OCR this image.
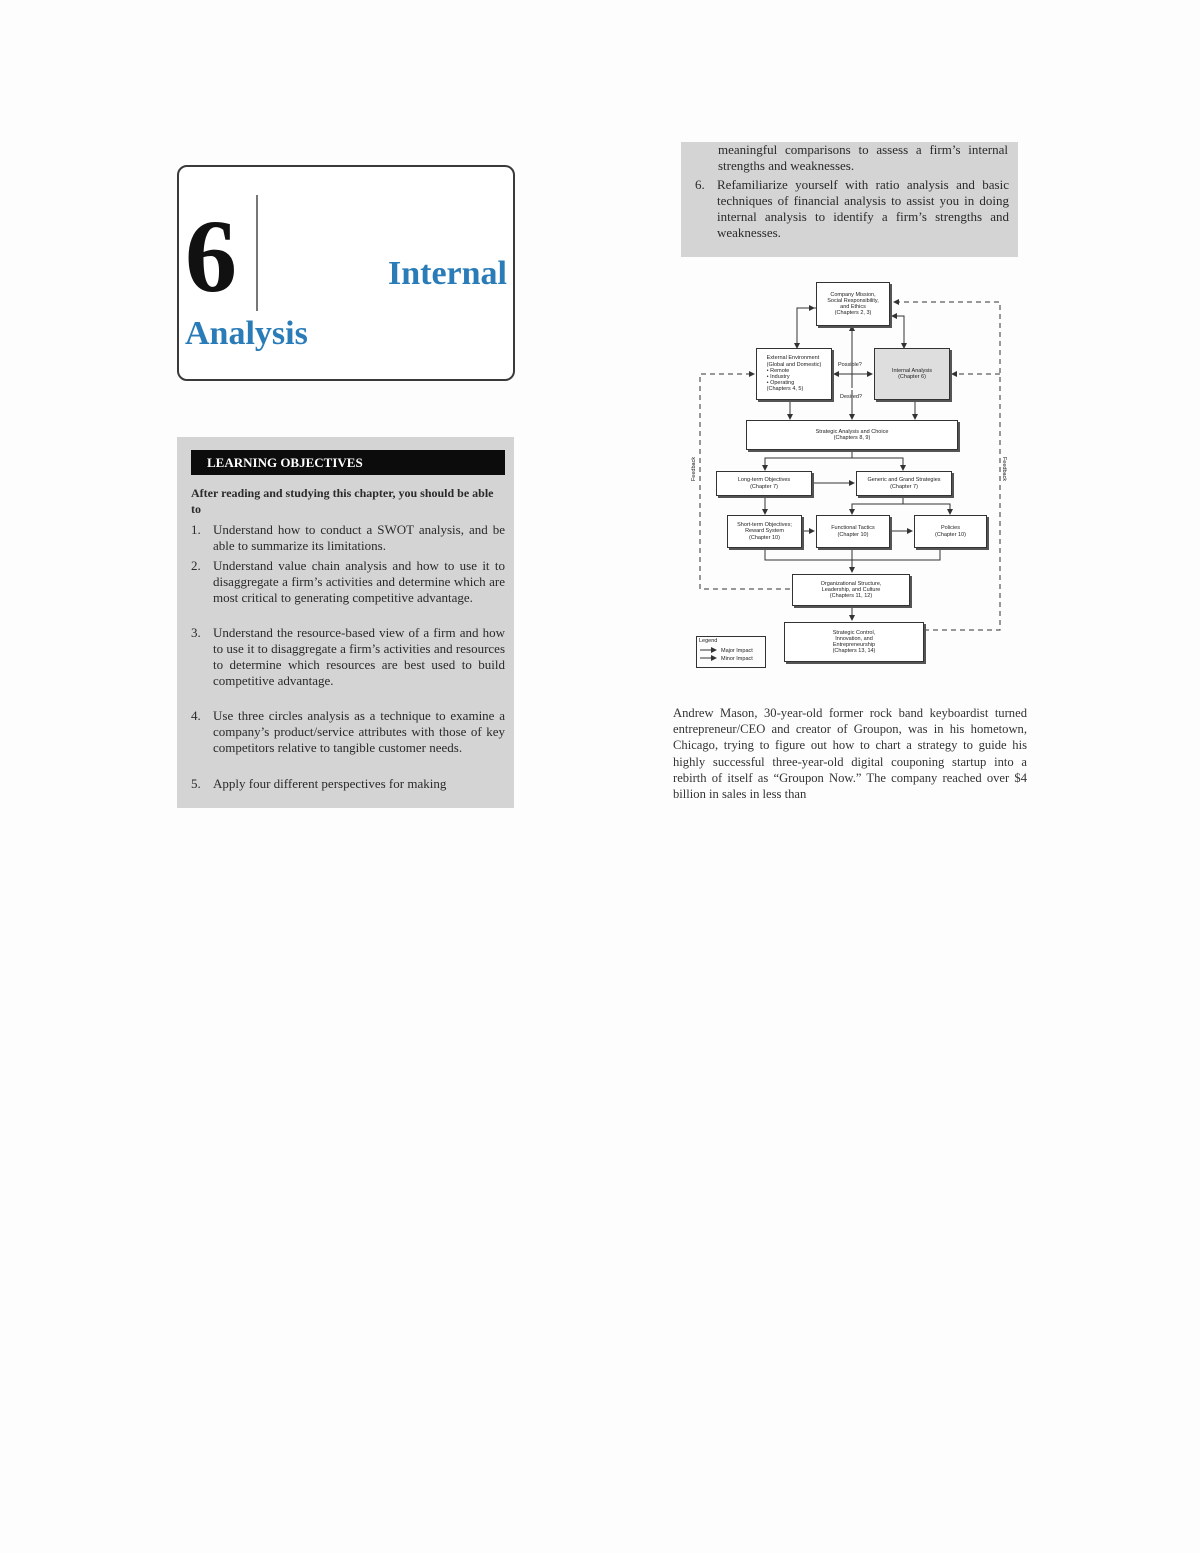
6	Internal
Analysis
LEARNING OBJECTIVES
After reading and studying this chapter, you should be able to
1. Understand how to conduct a SWOT analysis, and be able to summarize its limitations.
2. Understand value chain analysis and how to use it to disaggregate a firm’s activities and determine which are most critical to generating competitive advantage.
3. Understand the resource-based view of a firm and how to use it to disaggregate a firm’s activities and resources to determine which resources are best used to build competitive advantage.
4. Use three circles analysis as a technique to examine a company’s product/service attributes with those of key competitors relative to tangible customer needs.
5. Apply four different perspectives for making
meaningful comparisons to assess a firm’s internal strengths and weaknesses.
6. Refamiliarize yourself with ratio analysis and basic techniques of financial analysis to assist you in doing internal analysis to identify a firm’s strengths and weaknesses.
Company Mission,
Social Responsibility,
and Ethics
(Chapters 2, 3)
External Environment
(Global and Domestic)
• Remote
• Industry
• Operating
(Chapters 4, 5)
Internal Analysis
(Chapter 6)
Possible?
Desired?
Strategic Analysis and Choice
(Chapters 8, 9)
Long-term Objectives
(Chapter 7)
Generic and Grand Strategies
(Chapter 7)
Short-term Objectives;
Reward System
(Chapter 10)
Functional Tactics
(Chapter 10)
Policies
(Chapter 10)
Organizational Structure,
Leadership, and Culture
(Chapters 11, 12)
Strategic Control,
Innovation, and
Entrepreneurship
(Chapters 13, 14)
Feedback	Feedback
Legend
Major Impact
Minor Impact
Andrew Mason, 30-year-old former rock band keyboardist turned entrepreneur/CEO and creator of Groupon, was in his hometown, Chicago, trying to figure out how to chart a strategy to guide his highly successful three-year-old digital couponing startup into a rebirth of itself as “Groupon Now.” The company reached over $4 billion in sales in less than
